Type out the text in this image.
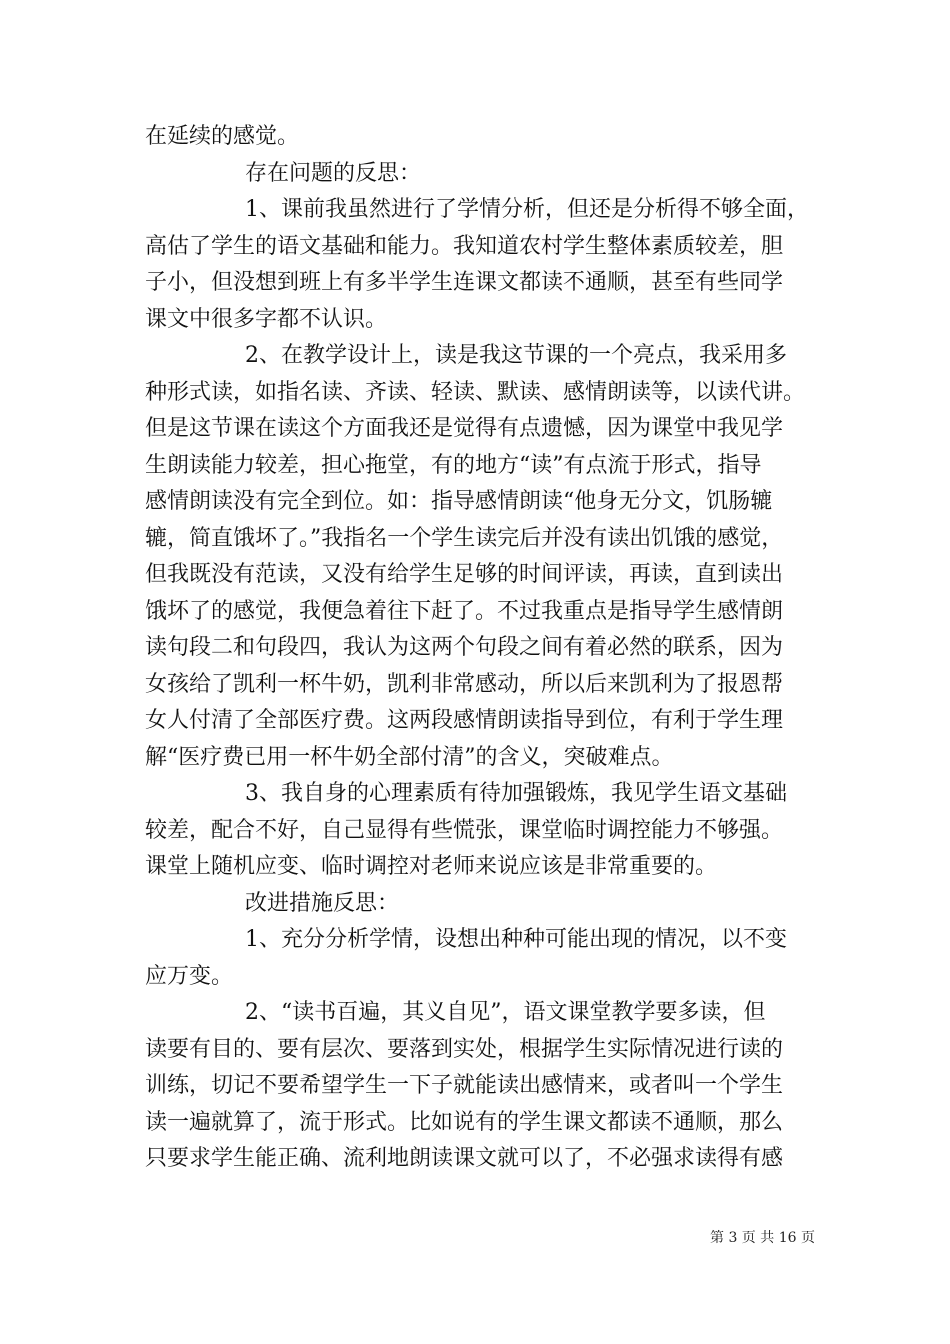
在延续的感觉。
存在问题的反思：
1、课前我虽然进行了学情分析，但还是分析得不够全面，
高估了学生的语文基础和能力。我知道农村学生整体素质较差，胆
子小，但没想到班上有多半学生连课文都读不通顺，甚至有些同学
课文中很多字都不认识。
2、在教学设计上，读是我这节课的一个亮点，我采用多
种形式读，如指名读、齐读、轻读、默读、感情朗读等，以读代讲。
但是这节课在读这个方面我还是觉得有点遗憾，因为课堂中我见学
生朗读能力较差，担心拖堂，有的地方“读”有点流于形式，指导
感情朗读没有完全到位。如：指导感情朗读“他身无分文，饥肠辘
辘，简直饿坏了。”我指名一个学生读完后并没有读出饥饿的感觉，
但我既没有范读，又没有给学生足够的时间评读，再读，直到读出
饿坏了的感觉，我便急着往下赶了。不过我重点是指导学生感情朗
读句段二和句段四，我认为这两个句段之间有着必然的联系，因为
女孩给了凯利一杯牛奶，凯利非常感动，所以后来凯利为了报恩帮
女人付清了全部医疗费。这两段感情朗读指导到位，有利于学生理
解“医疗费已用一杯牛奶全部付清”的含义，突破难点。
3、我自身的心理素质有待加强锻炼，我见学生语文基础
较差，配合不好，自己显得有些慌张，课堂临时调控能力不够强。
课堂上随机应变、临时调控对老师来说应该是非常重要的。
改进措施反思：
1、充分分析学情，设想出种种可能出现的情况，以不变
应万变。
2、“读书百遍，其义自见”，语文课堂教学要多读，但
读要有目的、要有层次、要落到实处，根据学生实际情况进行读的
训练，切记不要希望学生一下子就能读出感情来，或者叫一个学生
读一遍就算了，流于形式。比如说有的学生课文都读不通顺，那么
只要求学生能正确、流利地朗读课文就可以了，不必强求读得有感
第 3 页 共 16 页
